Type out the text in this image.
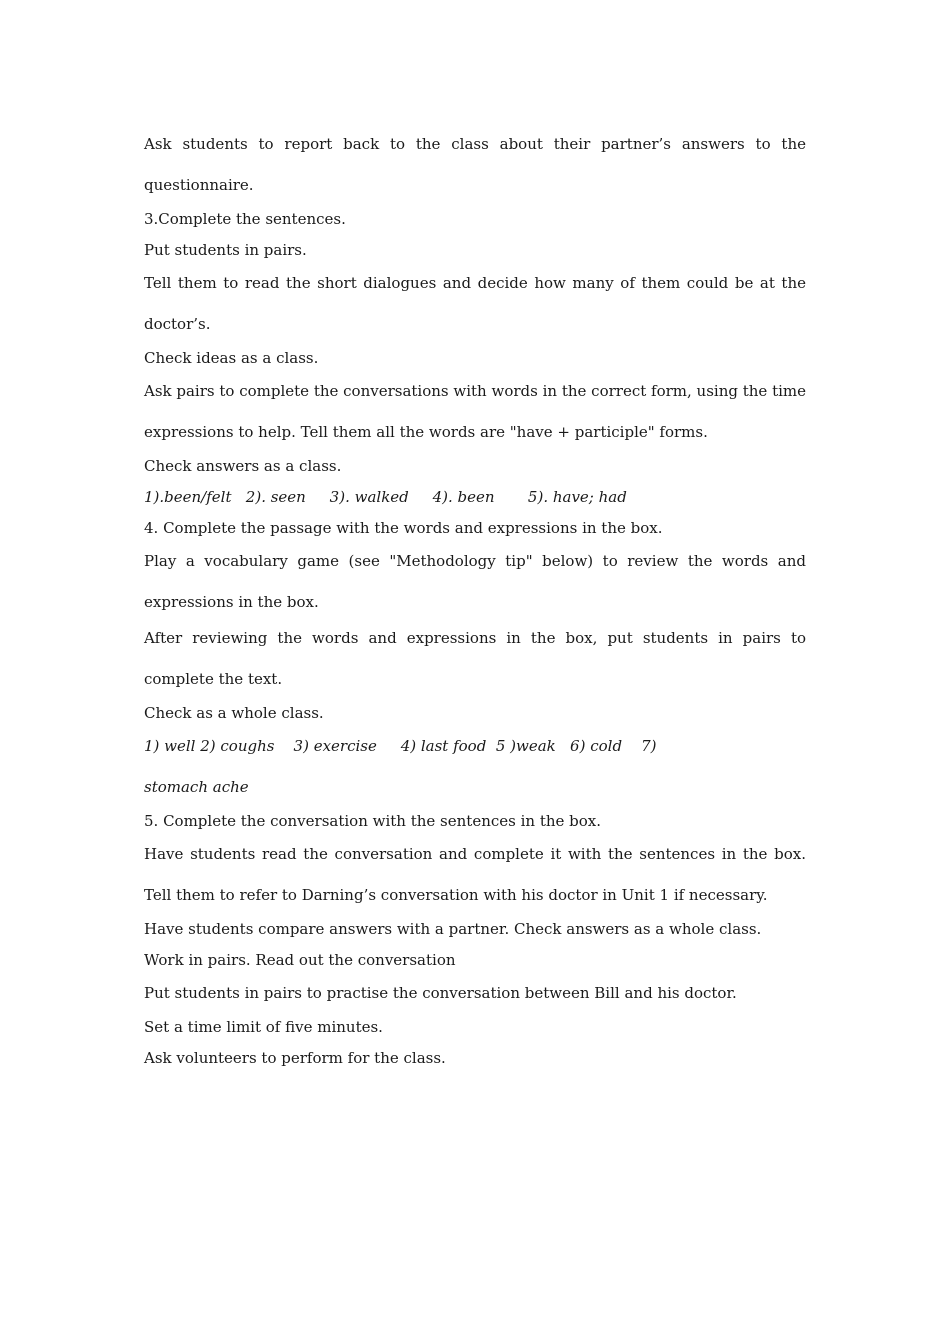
Ask students to report back to the class about their partner’s answers to the questionnaire.

3.Complete the sentences.

Put students in pairs.

Tell them to read the short dialogues and decide how many of them could be at the doctor’s.

Check ideas as a class.

Ask pairs to complete the conversations with words in the correct form, using the time expressions to help. Tell them all the words are "have + participle" forms.

Check answers as a class.

1).been/felt   2). seen     3). walked     4). been       5). have; had

4. Complete the passage with the words and expressions in the box.

Play a vocabulary game (see "Methodology tip" below) to review the words and expressions in the box.

After reviewing the words and expressions in the box, put students in pairs to complete the text.

Check as a whole class.

1) well 2) coughs    3) exercise     4) last food  5 )weak   6) cold    7)
stomach ache

5. Complete the conversation with the sentences in the box.

Have students read the conversation and complete it with the sentences in the box. Tell them to refer to Darning’s conversation with his doctor in Unit 1 if necessary.

Have students compare answers with a partner. Check answers as a whole class.

Work in pairs. Read out the conversation

Put students in pairs to practise the conversation between Bill and his doctor.

Set a time limit of five minutes.

Ask volunteers to perform for the class.
